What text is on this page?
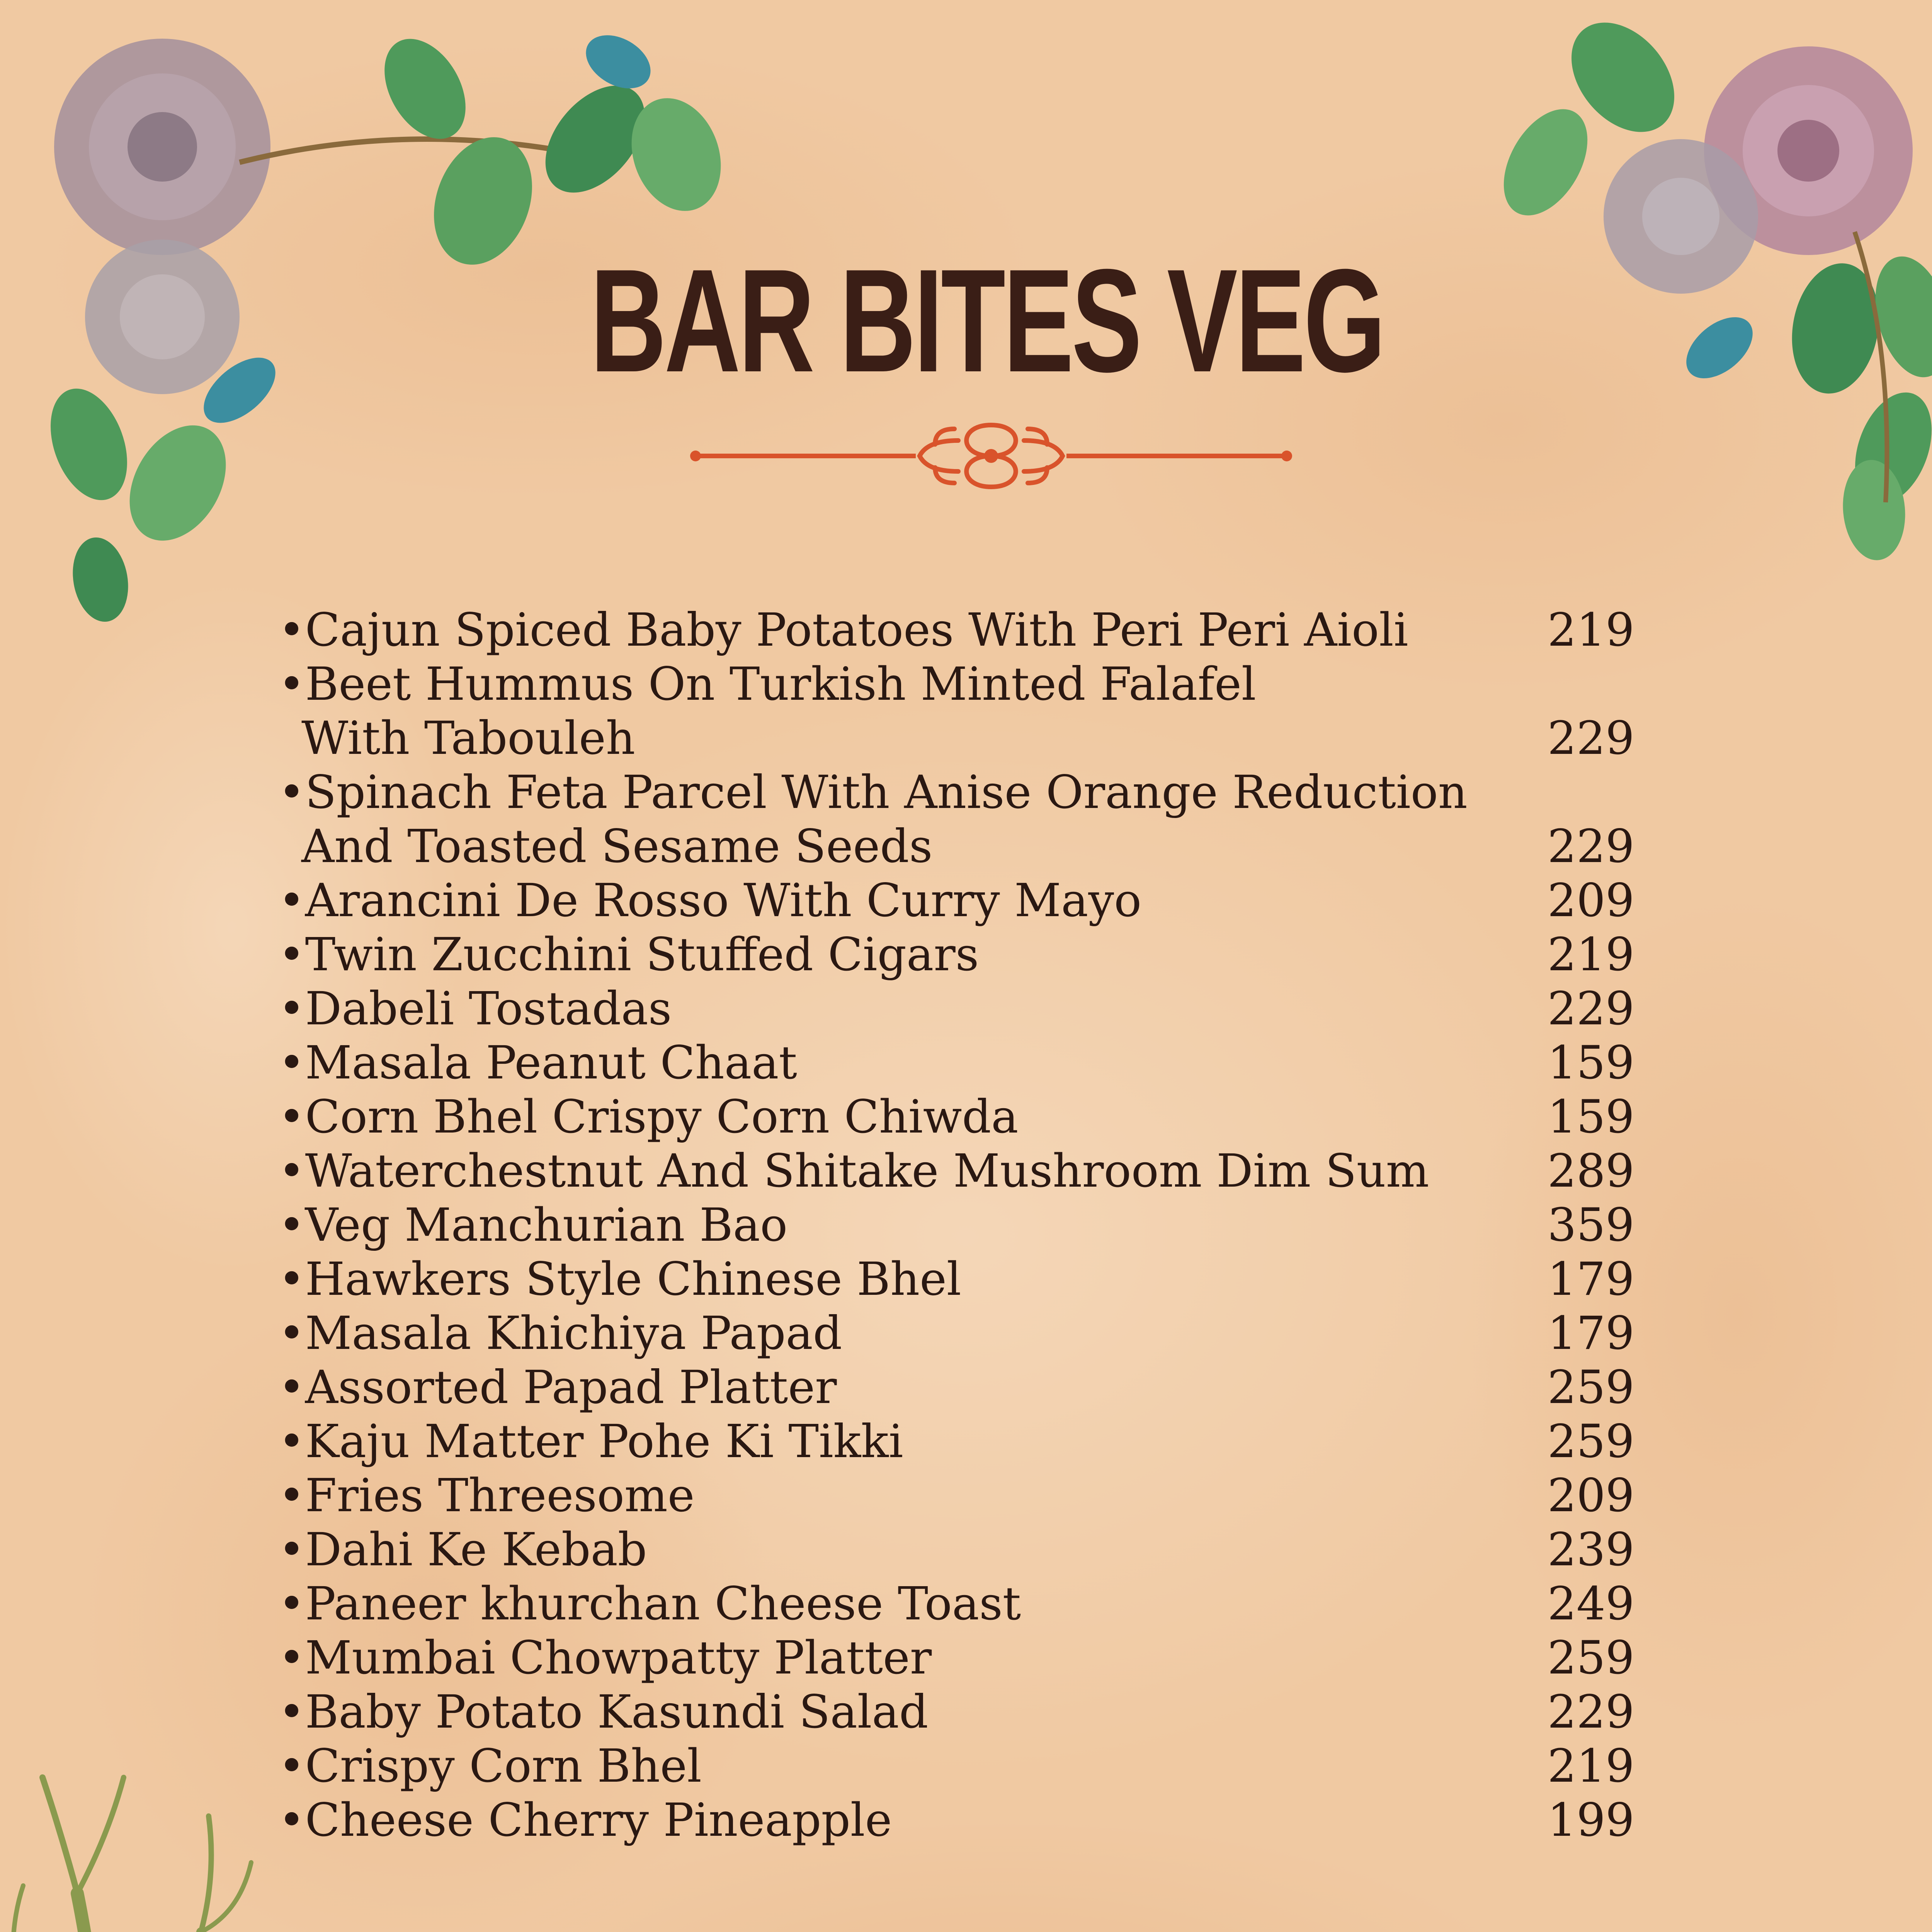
BAR BITES VEG
•Cajun Spiced Baby Potatoes With Peri Peri Aioli	219
•Beet Hummus On Turkish Minted Falafel
With Tabouleh	229
•Spinach Feta Parcel With Anise Orange Reduction
And Toasted Sesame Seeds	229
•Arancini De Rosso With Curry Mayo	209
•Twin Zucchini Stuffed Cigars	219
•Dabeli Tostadas	229
•Masala Peanut Chaat	159
•Corn Bhel Crispy Corn Chiwda	159
•Waterchestnut And Shitake Mushroom Dim Sum	289
•Veg Manchurian Bao	359
•Hawkers Style Chinese Bhel	179
•Masala Khichiya Papad	179
•Assorted Papad Platter	259
•Kaju Matter Pohe Ki Tikki	259
•Fries Threesome	209
•Dahi Ke Kebab	239
•Paneer khurchan Cheese Toast	249
•Mumbai Chowpatty Platter	259
•Baby Potato Kasundi Salad	229
•Crispy Corn Bhel	219
•Cheese Cherry Pineapple	199
